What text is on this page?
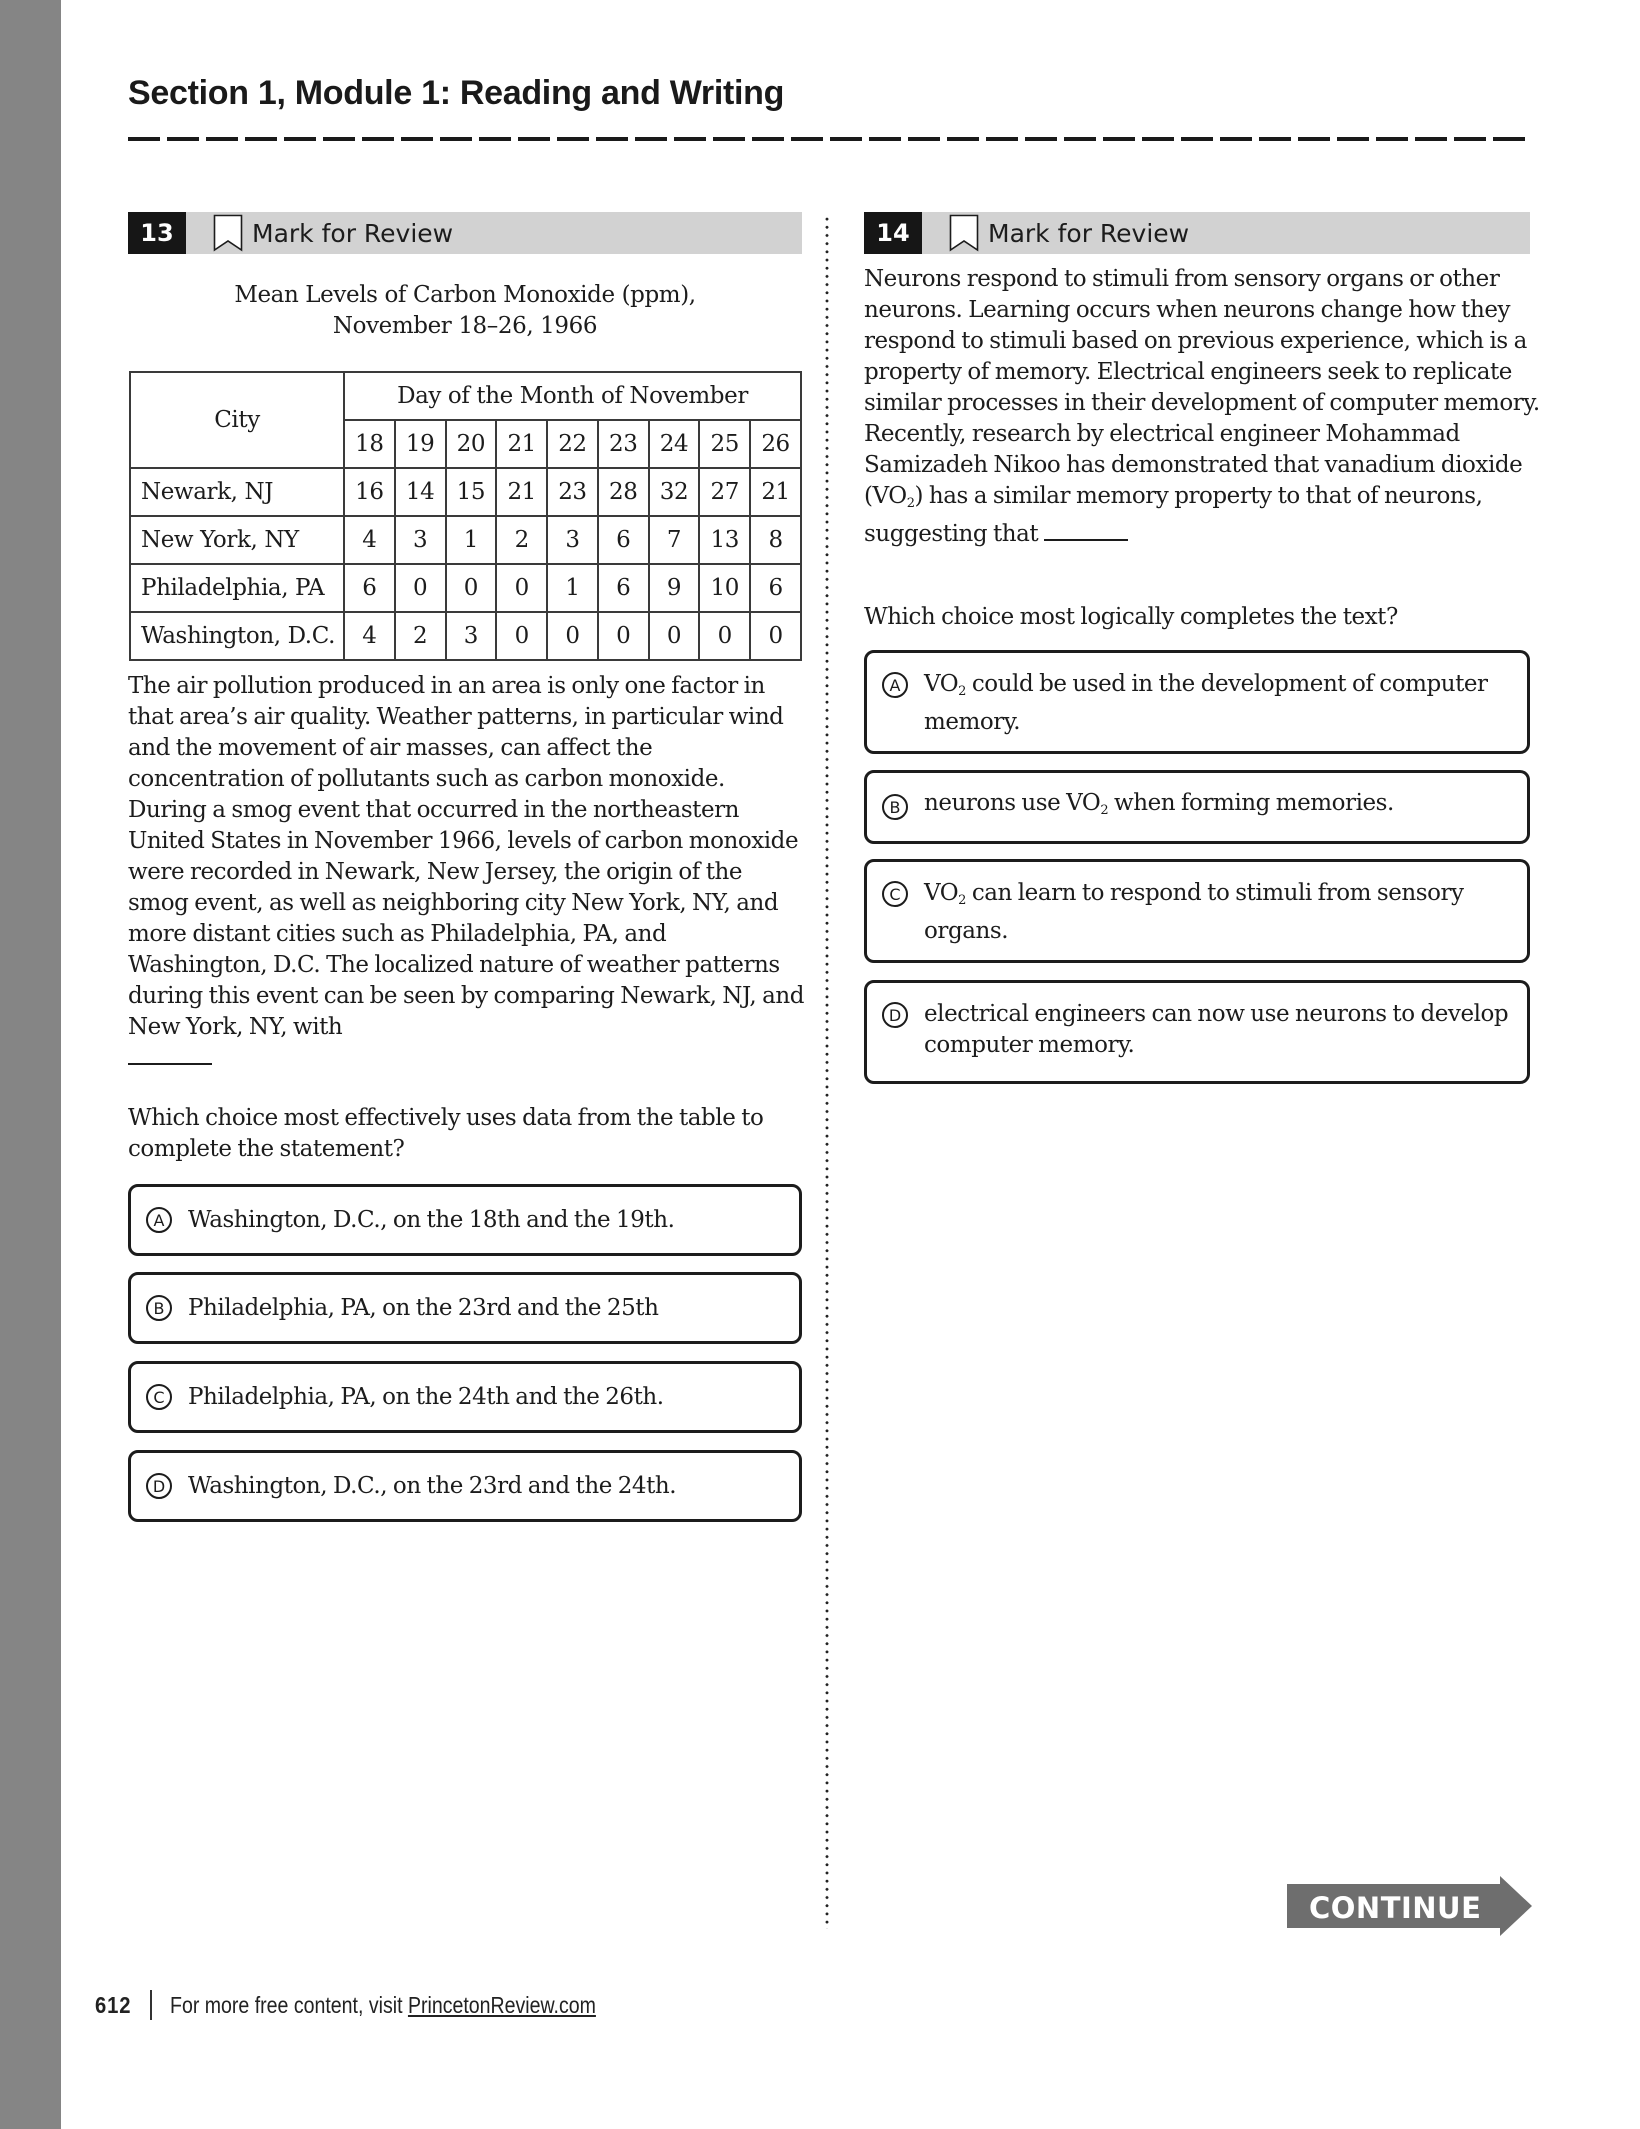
Section 1, Module 1: Reading and Writing
13	Mark for Review
Mean Levels of Carbon Monoxide (ppm),
November 18–26, 1966
City	Day of the Month of November								
	18	19	20	21	22	23	24	25	26
Newark, NJ	16	14	15	21	23	28	32	27	21
New York, NY	4	3	1	2	3	6	7	13	8
Philadelphia, PA	6	0	0	0	1	6	9	10	6
Washington, D.C.	4	2	3	0	0	0	0	0	0
The air pollution produced in an area is only one factor in that area’s air quality. Weather patterns, in particular wind and the movement of air masses, can affect the concentration of pollutants such as carbon monoxide. During a smog event that occurred in the northeastern United States in November 1966, levels of carbon monoxide were recorded in Newark, New Jersey, the origin of the smog event, as well as neighboring city New York, NY, and more distant cities such as Philadelphia, PA, and Washington, D.C. The localized nature of weather patterns during this event can be seen by comparing Newark, NJ, and New York, NY, with

Which choice most effectively uses data from the table to complete the statement?
A	Washington, D.C., on the 18th and the 19th.
B	Philadelphia, PA, on the 23rd and the 25th
C	Philadelphia, PA, on the 24th and the 26th.
D Washington, D.C., on the 23rd and the 24th.
14	Mark for Review
Neurons respond to stimuli from sensory organs or other neurons. Learning occurs when neurons change how they respond to stimuli based on previous experience, which is a property of memory. Electrical engineers seek to replicate similar processes in their development of computer memory. Recently, research by electrical engineer Mohammad Samizadeh Nikoo has demonstrated that vanadium dioxide $(VO_2)$ has a similar memory property to that of neurons, suggesting that
Which choice most logically completes the text?
A	$VO_2$ could be used in the development of computer memory.
B	neurons use $VO_2$ when forming memories.
C	$VO_2$ can learn to respond to stimuli from sensory organs.
D electrical engineers can now use neurons to develop computer memory.
CONTINUE
612 For more free content, visit PrincetonReview.com
